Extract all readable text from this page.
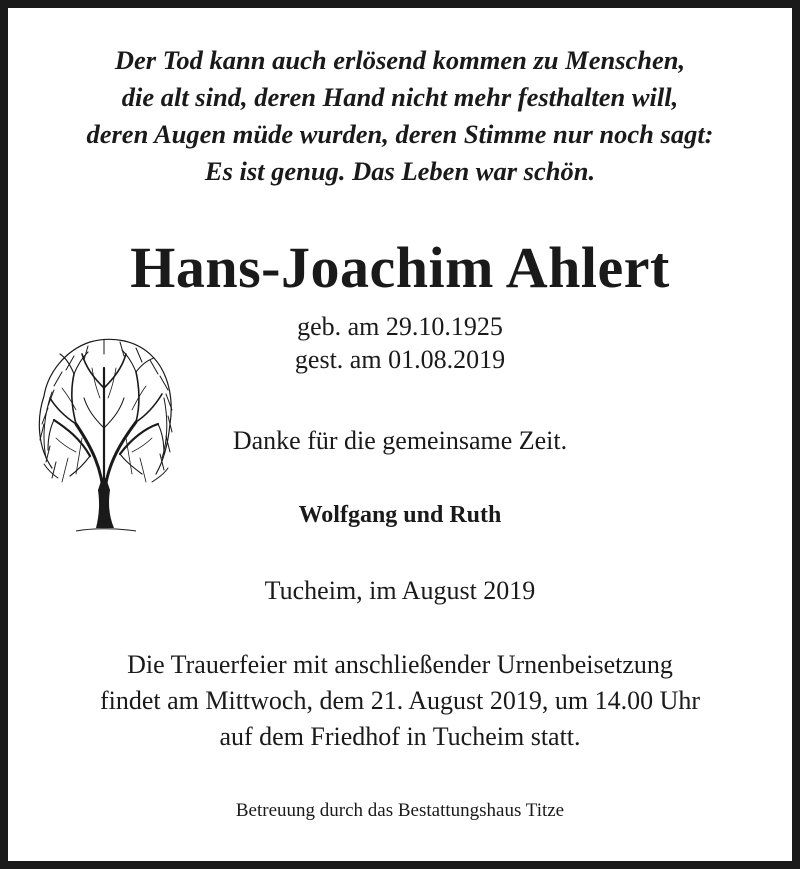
Der Tod kann auch erlösend kommen zu Menschen,
die alt sind, deren Hand nicht mehr festhalten will,
deren Augen müde wurden, deren Stimme nur noch sagt:
Es ist genug. Das Leben war schön.
Hans-Joachim Ahlert
geb. am 29.10.1925
gest. am 01.08.2019
Danke für die gemeinsame Zeit.
Wolfgang und Ruth
Tucheim, im August 2019
Die Trauerfeier mit anschließender Urnenbeisetzung
findet am Mittwoch, dem 21. August 2019, um 14.00 Uhr
auf dem Friedhof in Tucheim statt.
Betreuung durch das Bestattungshaus Titze
